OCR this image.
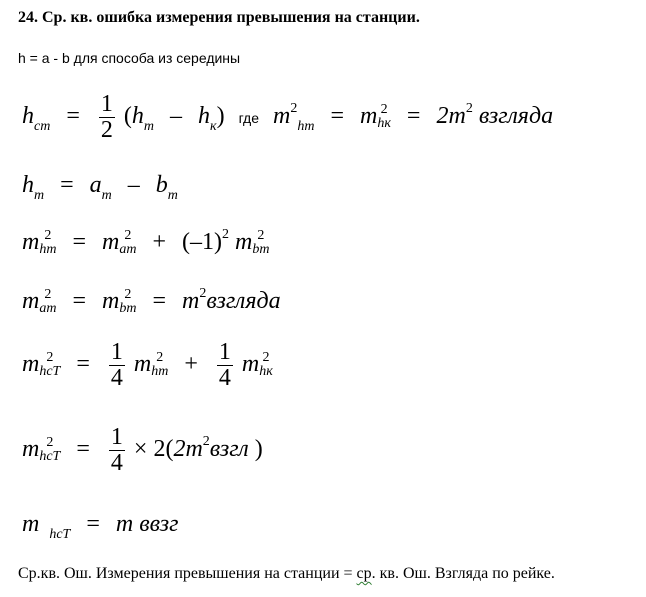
24. Ср. кв. ошибка измерения превышения на станции.
h = a - b для способа из середины
$h_{cm} = \frac{1}{2} (h_т - h_к)$ где $m^2_{hт} = m$ 2
hк = $2m^2$ взгляда
$h_т = a_т - b_т$
m 2
hт = m 2
aт + $(-1)^2$ m 2
bт
m 2
aт = m 2
bт = $m^2взгляда$
m 2
hcT = $\frac{1}{4}$ m 2
hт + $\frac{1}{4}$ m 2
hк
m 2
hcT = $\frac{1}{4}$ × $2(2m^2взгл$ )
m $_{hcT}$ = m ввзг
Ср.кв. Ош. Измерения превышения на станции = ср. кв. Ош. Взгляда по рейке.
